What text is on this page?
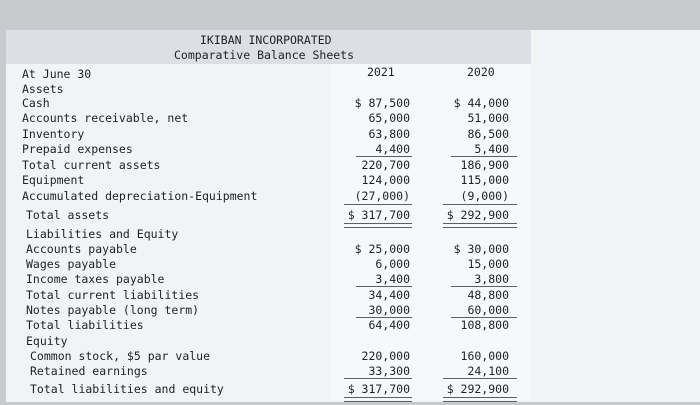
IKIBAN INCORPORATED
Comparative Balance Sheets
2021	2020
At June 30
Assets
Cash	$ 87,500	$ 44,000
Accounts receivable, net	65,000	51,000
Inventory	63,800	86,500
Prepaid expenses	4,400	5,400
Total current assets	220,700	186,900
Equipment	124,000	115,000
Accumulated depreciation-Equipment	(27,000)	(9,000)
Total assets	$ 317,700	$ 292,900
Liabilities and Equity
Accounts payable	$ 25,000	$ 30,000
Wages payable	6,000	15,000
Income taxes payable	3,400	3,800
Total current liabilities	34,400	48,800
Notes payable (long term)	30,000	60,000
Total liabilities	64,400	108,800
Equity
Common stock, $5 par value	220,000	160,000
Retained earnings	33,300	24,100
Total liabilities and equity	$ 317,700	$ 292,900
